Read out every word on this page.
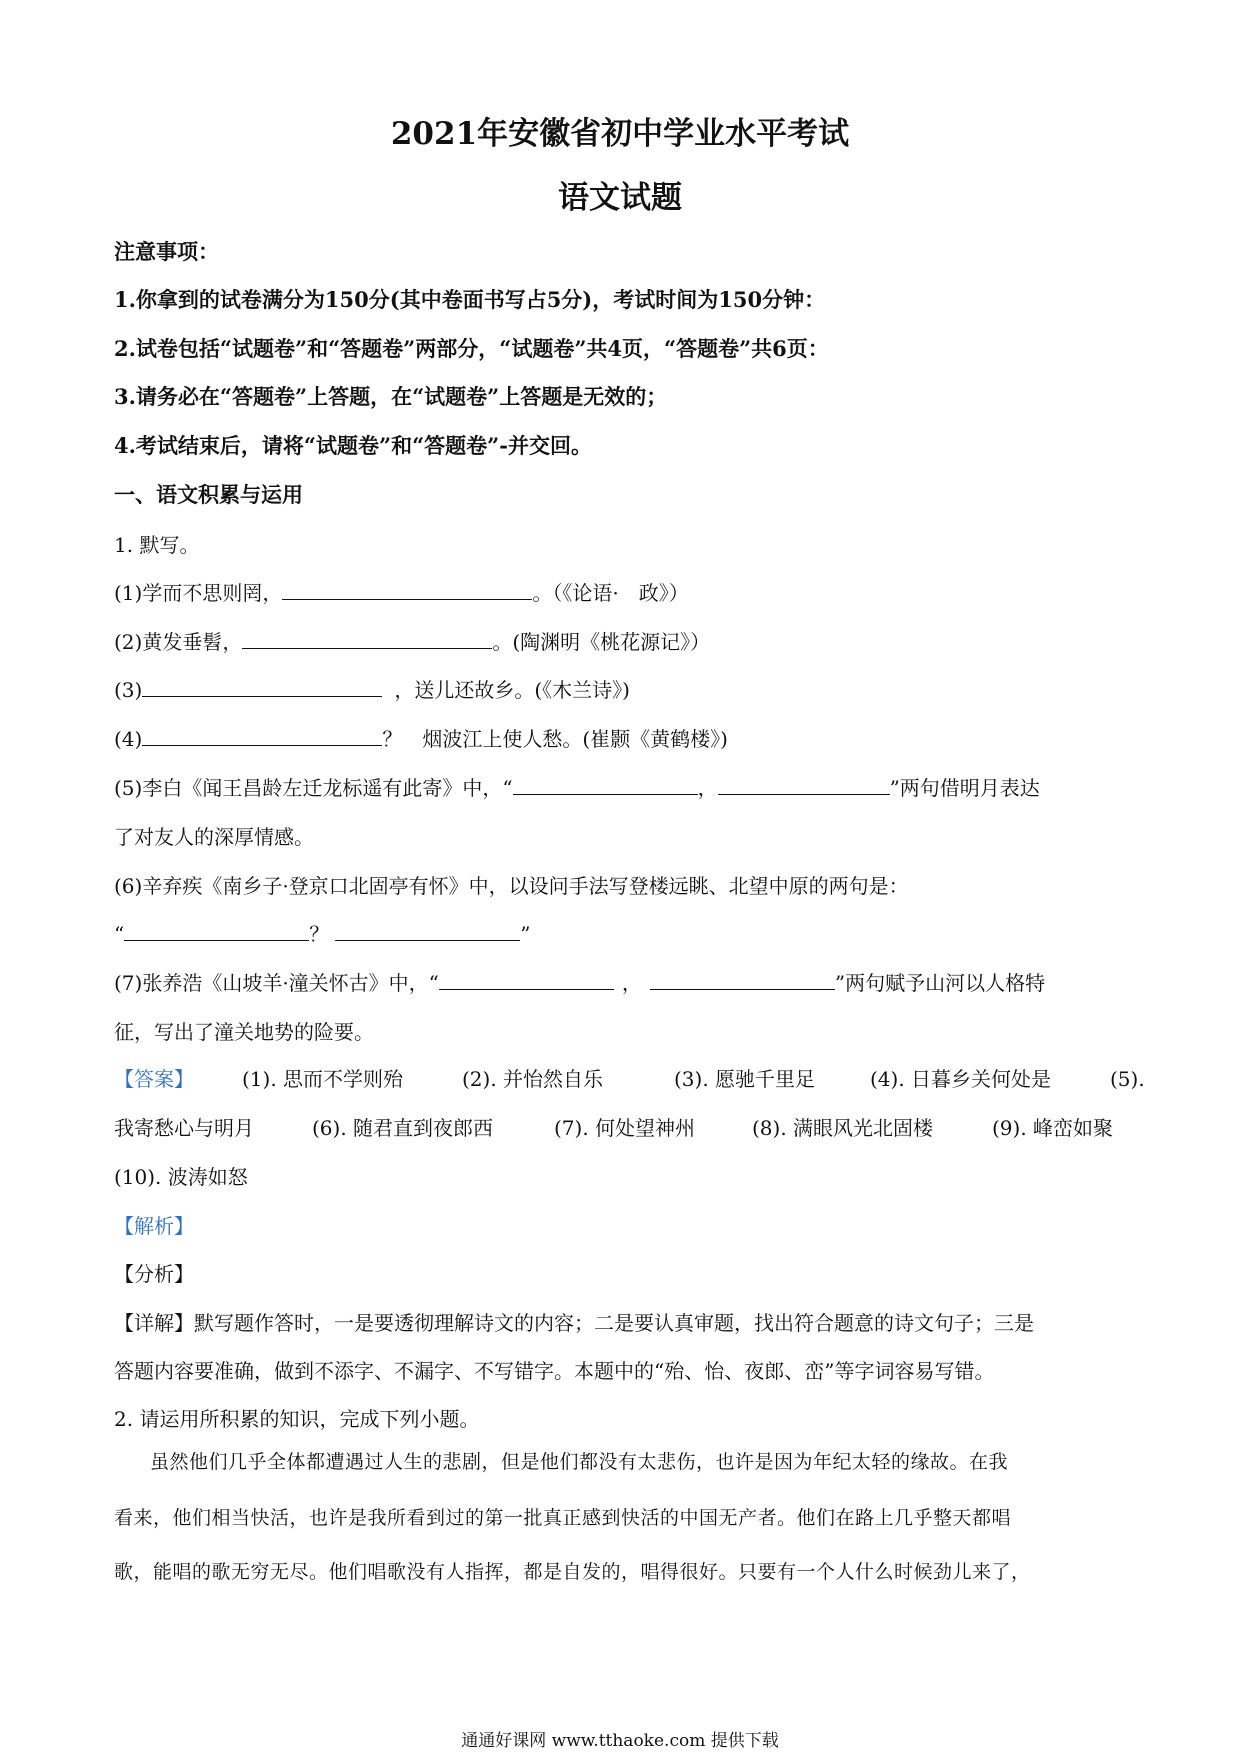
2021年安徽省初中学业水平考试
语文试题
注意事项：
1.你拿到的试卷满分为150分(其中卷面书写占5分)，考试时间为150分钟：
2.试卷包括“试题卷”和“答题卷”两部分，“试题卷”共4页，“答题卷”共6页：
3.请务必在“答题卷”上答题，在“试题卷”上答题是无效的；
4.考试结束后，请将“试题卷”和“答题卷”-并交回。
一、语文积累与运用
1. 默写。
(1)学而不思则罔，	。（《论语·　政》）
(2)黄发垂髫，	。(陶渊明《桃花源记》）
(3)	，送儿还故乡。(《木兰诗》)
(4)	？　烟波江上使人愁。(崔颢《黄鹤楼》)
(5)李白《闻王昌龄左迁龙标遥有此寄》中，“	，	”两句借明月表达
了对友人的深厚情感。
(6)辛弃疾《南乡子·登京口北固亭有怀》中，以设问手法写登楼远眺、北望中原的两句是：
“	？	”
(7)张养浩《山坡羊·潼关怀古》中，“	，	”两句赋予山河以人格特
征，写出了潼关地势的险要。
【答案】 (1). 思而不学则殆	(2). 并怡然自乐	(3). 愿驰千里足	(4). 日暮乡关何处是	(5).
我寄愁心与明月	(6). 随君直到夜郎西	(7). 何处望神州	(8). 满眼风光北固楼	(9). 峰峦如聚
(10). 波涛如怒
【解析】
【分析】
【详解】默写题作答时，一是要透彻理解诗文的内容；二是要认真审题，找出符合题意的诗文句子；三是
答题内容要准确，做到不添字、不漏字、不写错字。本题中的“殆、怡、夜郎、峦”等字词容易写错。
2. 请运用所积累的知识，完成下列小题。
虽然他们几乎全体都遭遇过人生的悲剧，但是他们都没有太悲伤，也许是因为年纪太轻的缘故。在我
看来，他们相当快活，也许是我所看到过的第一批真正感到快活的中国无产者。他们在路上几乎整天都唱
歌，能唱的歌无穷无尽。他们唱歌没有人指挥，都是自发的，唱得很好。只要有一个人什么时候劲儿来了，
通通好课网 www.tthaoke.com 提供下载
